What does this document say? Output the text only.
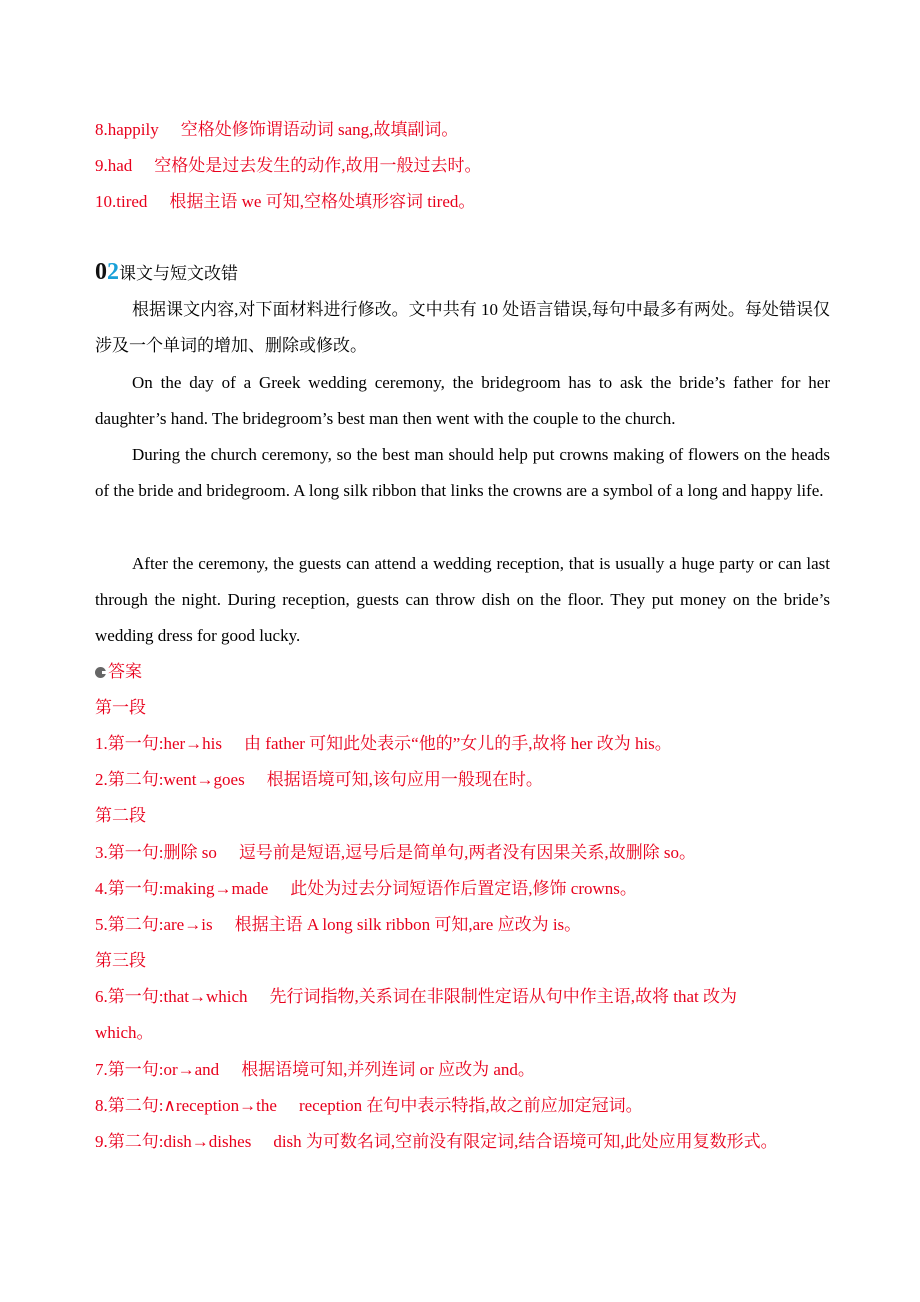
8.happily 空格处修饰谓语动词 sang,故填副词。
9.had 空格处是过去发生的动作,故用一般过去时。
10.tired 根据主语 we 可知,空格处填形容词 tired。
02课文与短文改错
根据课文内容,对下面材料进行修改。文中共有 10 处语言错误,每句中最多有两处。每处错误仅涉及一个单词的增加、删除或修改。
On the day of a Greek wedding ceremony, the bridegroom has to ask the bride’s father for her daughter’s hand. The bridegroom’s best man then went with the couple to the church.
During the church ceremony, so the best man should help put crowns making of flowers on the heads of the bride and bridegroom. A long silk ribbon that links the crowns are a symbol of a long and happy life.
After the ceremony, the guests can attend a wedding reception, that is usually a huge party or can last through the night. During reception, guests can throw dish on the floor. They put money on the bride’s wedding dress for good lucky.
答案
第一段
1.第一句:her→his 由 father 可知此处表示“他的”女儿的手,故将 her 改为 his。
2.第二句:went→goes 根据语境可知,该句应用一般现在时。
第二段
3.第一句:删除 so 逗号前是短语,逗号后是简单句,两者没有因果关系,故删除 so。
4.第一句:making→made 此处为过去分词短语作后置定语,修饰 crowns。
5.第二句:are→is 根据主语 A long silk ribbon 可知,are 应改为 is。
第三段
6.第一句:that→which 先行词指物,关系词在非限制性定语从句中作主语,故将 that 改为
which。
7.第一句:or→and 根据语境可知,并列连词 or 应改为 and。
8.第二句:∧reception→the reception 在句中表示特指,故之前应加定冠词。
9.第二句:dish→dishes dish 为可数名词,空前没有限定词,结合语境可知,此处应用复数形式。
